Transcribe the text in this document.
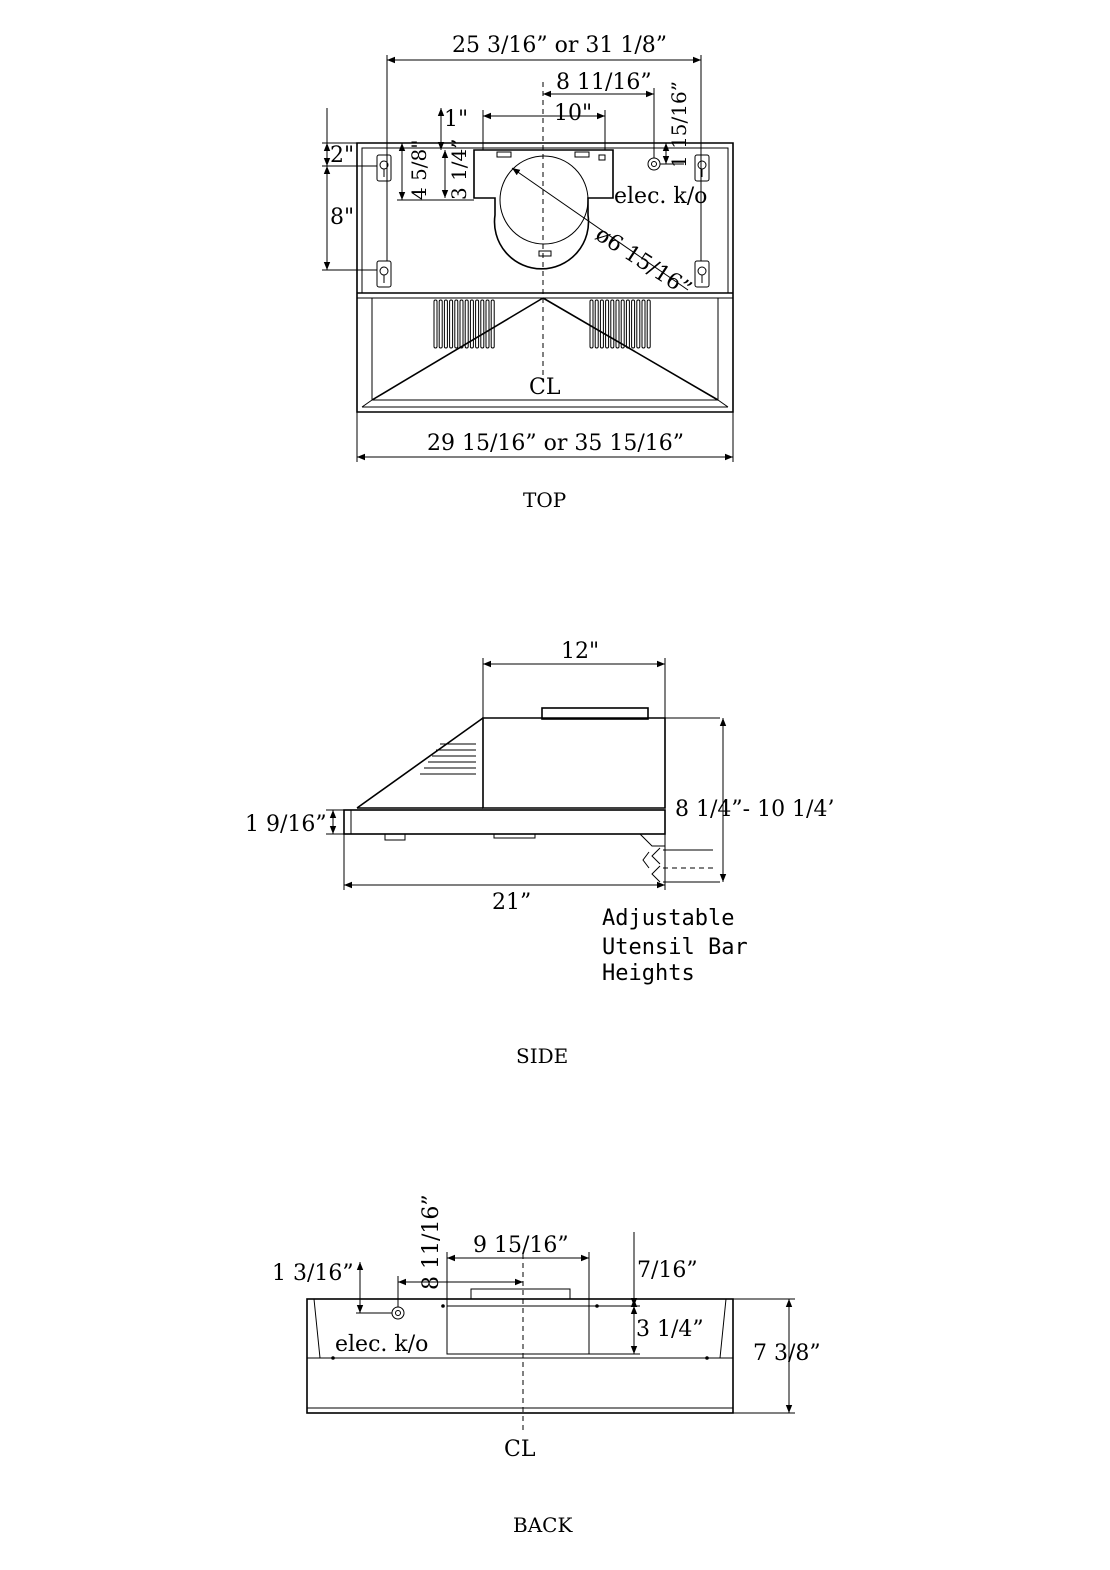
25 3/16” or 31 1/8”
8 11/16”
10"
1"
2"
8"
4 5/8" 3 1/4”
1 15/16”
elec. k/o
ø6 15/16”
CL
29 15/16” or 35 15/16”
TOP
12"
8 1/4”- 10 1/4’
1 9/16”
21”
Adjustable
Utensil Bar
Heights
SIDE
1 3/16”	8 11/16” 9 15/16”
7/16”
3 1/4”
7 3/8”
elec. k/o
CL
BACK
